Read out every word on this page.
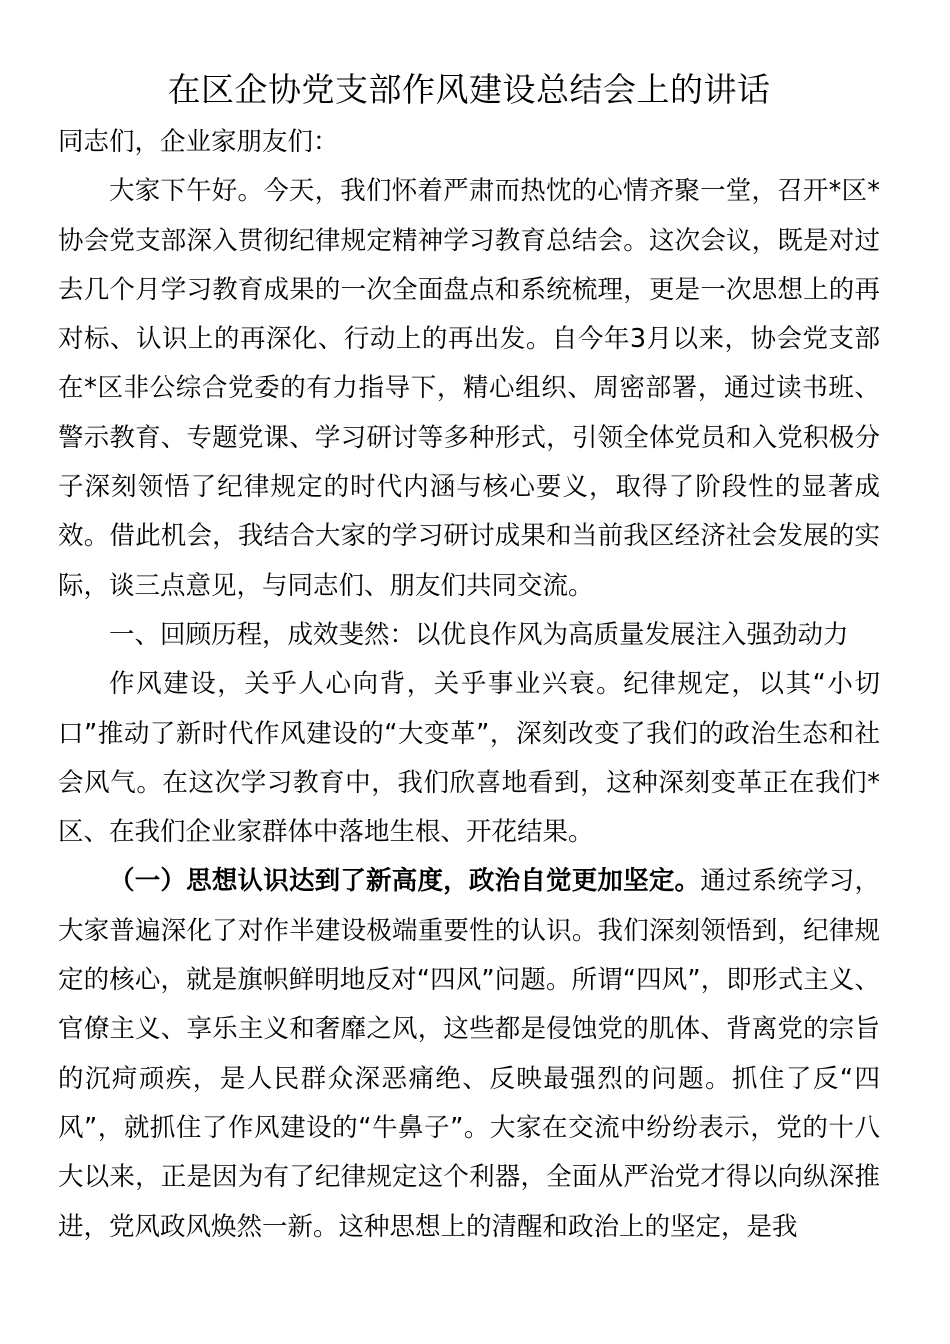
在区企协党支部作风建设总结会上的讲话

同志们，企业家朋友们：

大家下午好。今天，我们怀着严肃而热忱的心情齐聚一堂，召开*区*协会党支部深入贯彻纪律规定精神学习教育总结会。这次会议，既是对过去几个月学习教育成果的一次全面盘点和系统梳理，更是一次思想上的再对标、认识上的再深化、行动上的再出发。自今年3月以来，协会党支部在*区非公综合党委的有力指导下，精心组织、周密部署，通过读书班、警示教育、专题党课、学习研讨等多种形式，引领全体党员和入党积极分子深刻领悟了纪律规定的时代内涵与核心要义，取得了阶段性的显著成效。借此机会，我结合大家的学习研讨成果和当前我区经济社会发展的实际，谈三点意见，与同志们、朋友们共同交流。

一、回顾历程，成效斐然：以优良作风为高质量发展注入强劲动力

作风建设，关乎人心向背，关乎事业兴衰。纪律规定，以其“小切口”推动了新时代作风建设的“大变革”，深刻改变了我们的政治生态和社会风气。在这次学习教育中，我们欣喜地看到，这种深刻变革正在我们*区、在我们企业家群体中落地生根、开花结果。

（一）思想认识达到了新高度，政治自觉更加坚定。通过系统学习，大家普遍深化了对作半建设极端重要性的认识。我们深刻领悟到，纪律规定的核心，就是旗帜鲜明地反对“四风”问题。所谓“四风”，即形式主义、官僚主义、享乐主义和奢靡之风，这些都是侵蚀党的肌体、背离党的宗旨的沉疴顽疾，是人民群众深恶痛绝、反映最强烈的问题。抓住了反“四风”，就抓住了作风建设的“牛鼻子”。大家在交流中纷纷表示，党的十八大以来，正是因为有了纪律规定这个利器，全面从严治党才得以向纵深推进，党风政风焕然一新。这种思想上的清醒和政治上的坚定，是我
